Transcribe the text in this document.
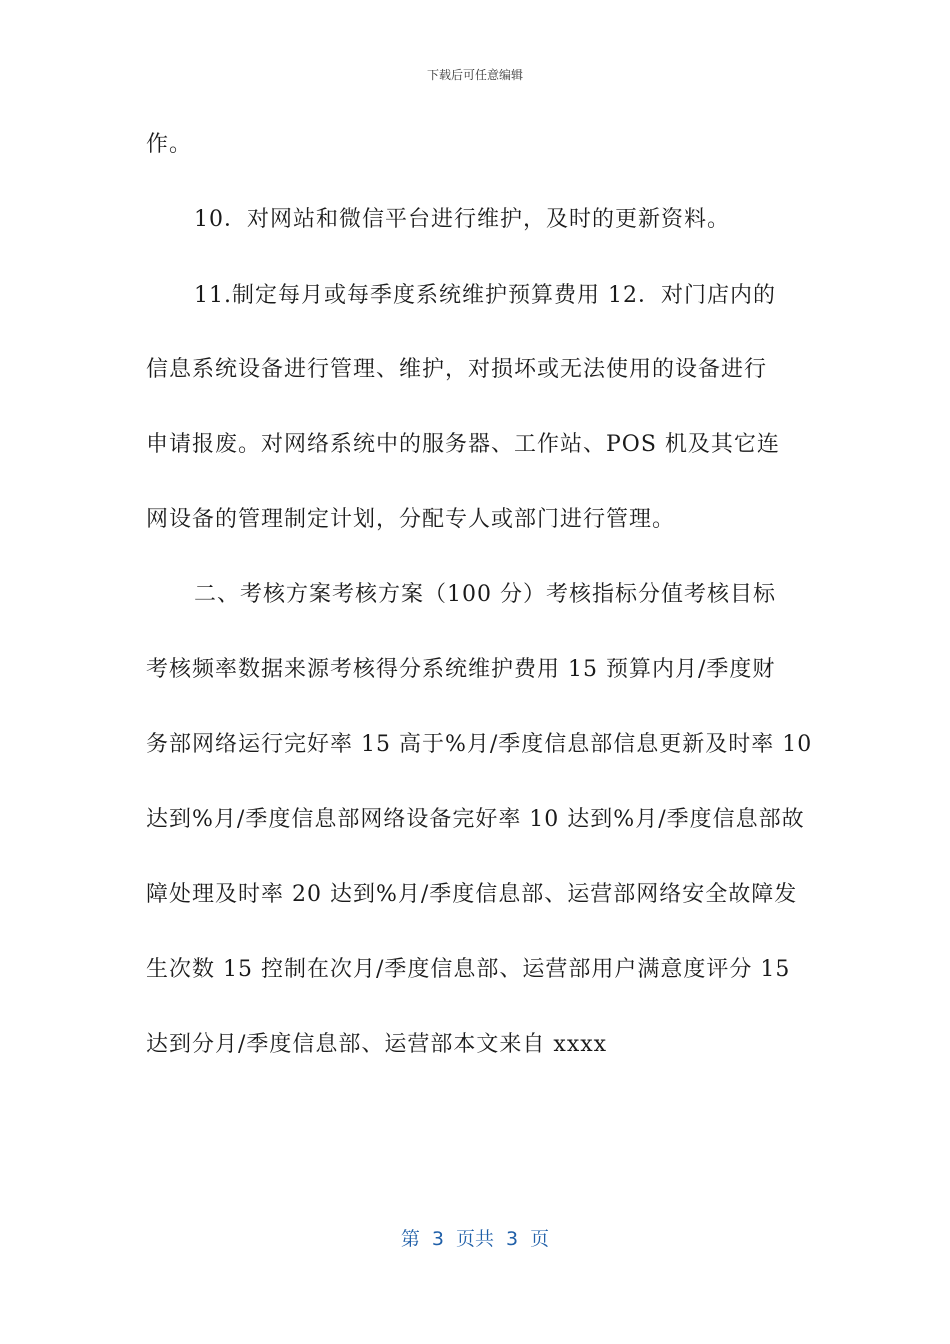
下载后可任意编辑
作。
10．对网站和微信平台进行维护，及时的更新资料。
11.制定每月或每季度系统维护预算费用 12．对门店内的
信息系统设备进行管理、维护，对损坏或无法使用的设备进行
申请报废。对网络系统中的服务器、工作站、POS 机及其它连
网设备的管理制定计划，分配专人或部门进行管理。
二、考核方案考核方案（100 分）考核指标分值考核目标
考核频率数据来源考核得分系统维护费用 15 预算内月/季度财
务部网络运行完好率 15 高于%月/季度信息部信息更新及时率 10
达到%月/季度信息部网络设备完好率 10 达到%月/季度信息部故
障处理及时率 20 达到%月/季度信息部、运营部网络安全故障发
生次数 15 控制在次月/季度信息部、运营部用户满意度评分 15
达到分月/季度信息部、运营部本文来自 xxxx
第 3 页共 3 页
